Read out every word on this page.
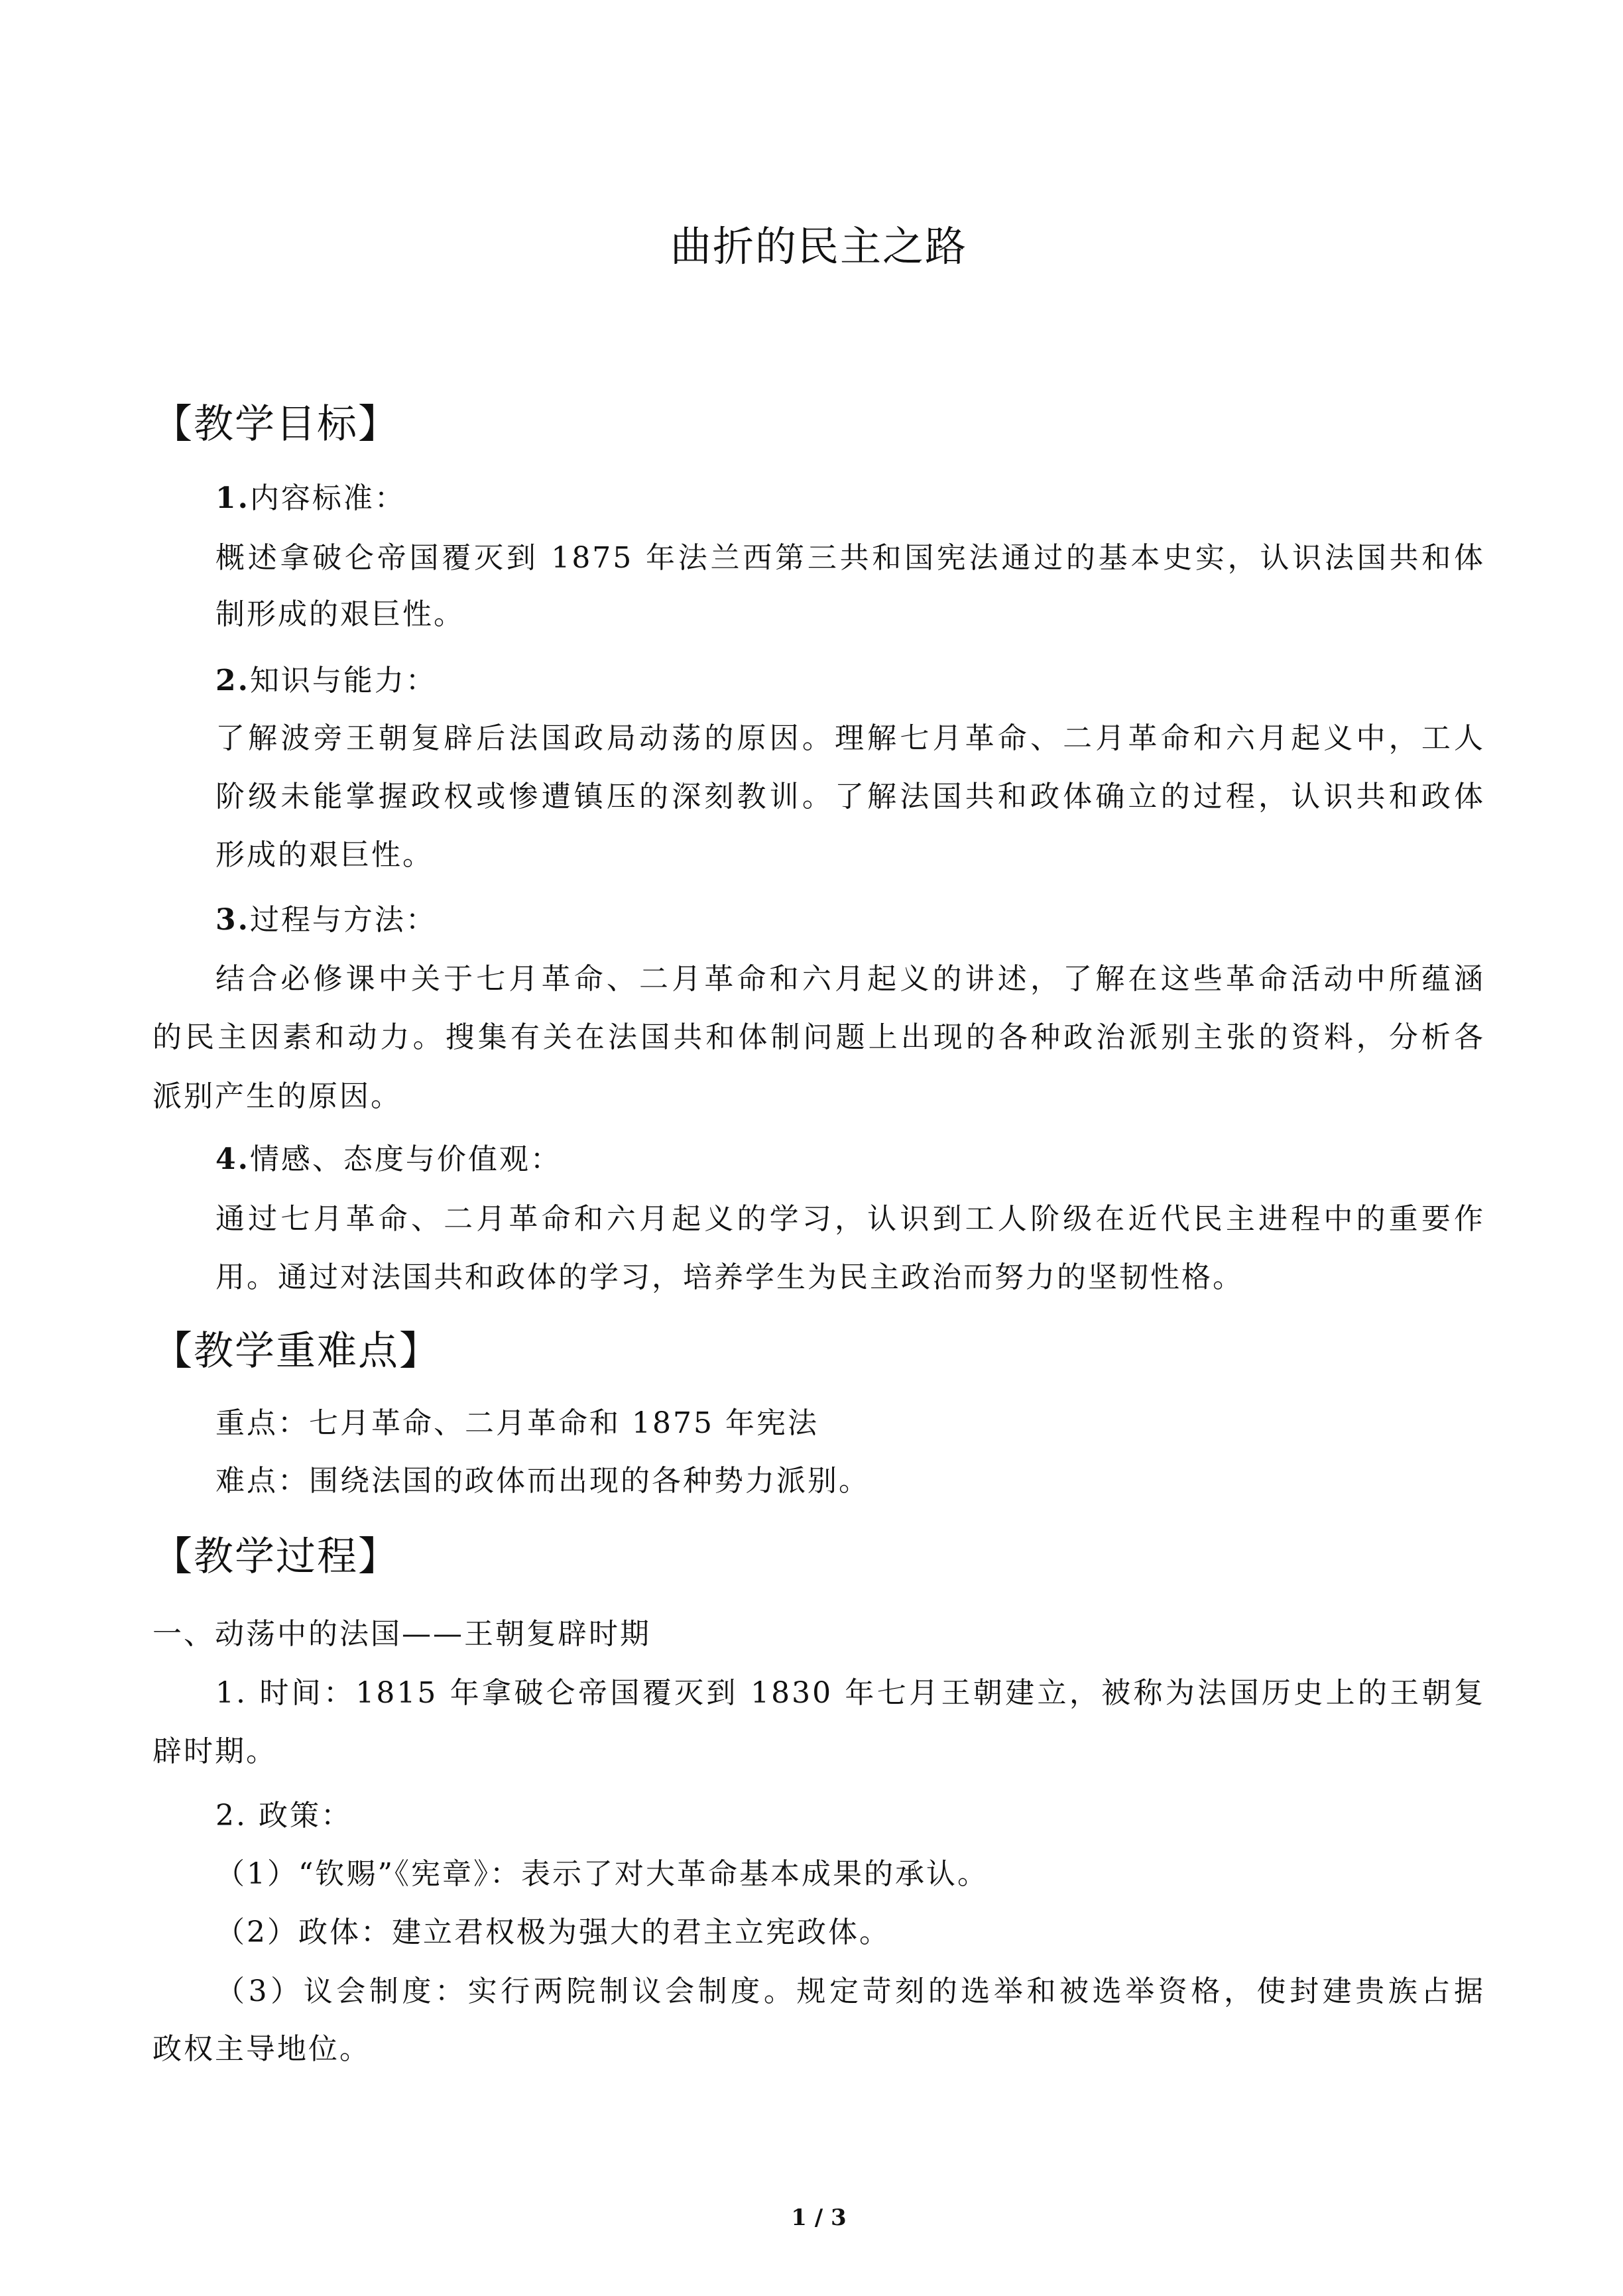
曲折的民主之路
【教学目标】
1.内容标准：
概述拿破仑帝国覆灭到 1875 年法兰西第三共和国宪法通过的基本史实，认识法国共和体
制形成的艰巨性。
2.知识与能力：
了解波旁王朝复辟后法国政局动荡的原因。理解七月革命、二月革命和六月起义中，工人
阶级未能掌握政权或惨遭镇压的深刻教训。了解法国共和政体确立的过程，认识共和政体
形成的艰巨性。
3.过程与方法：
结合必修课中关于七月革命、二月革命和六月起义的讲述，了解在这些革命活动中所蕴涵
的民主因素和动力。搜集有关在法国共和体制问题上出现的各种政治派别主张的资料，分析各
派别产生的原因。
4.情感、态度与价值观：
通过七月革命、二月革命和六月起义的学习，认识到工人阶级在近代民主进程中的重要作
用。通过对法国共和政体的学习，培养学生为民主政治而努力的坚韧性格。
【教学重难点】
重点：七月革命、二月革命和 1875 年宪法
难点：围绕法国的政体而出现的各种势力派别。
【教学过程】
一、动荡中的法国——王朝复辟时期
1. 时间：1815 年拿破仑帝国覆灭到 1830 年七月王朝建立，被称为法国历史上的王朝复
辟时期。
2. 政策：
（1）“钦赐”《宪章》：表示了对大革命基本成果的承认。
（2）政体：建立君权极为强大的君主立宪政体。
（3）议会制度：实行两院制议会制度。规定苛刻的选举和被选举资格，使封建贵族占据
政权主导地位。
1 / 3
